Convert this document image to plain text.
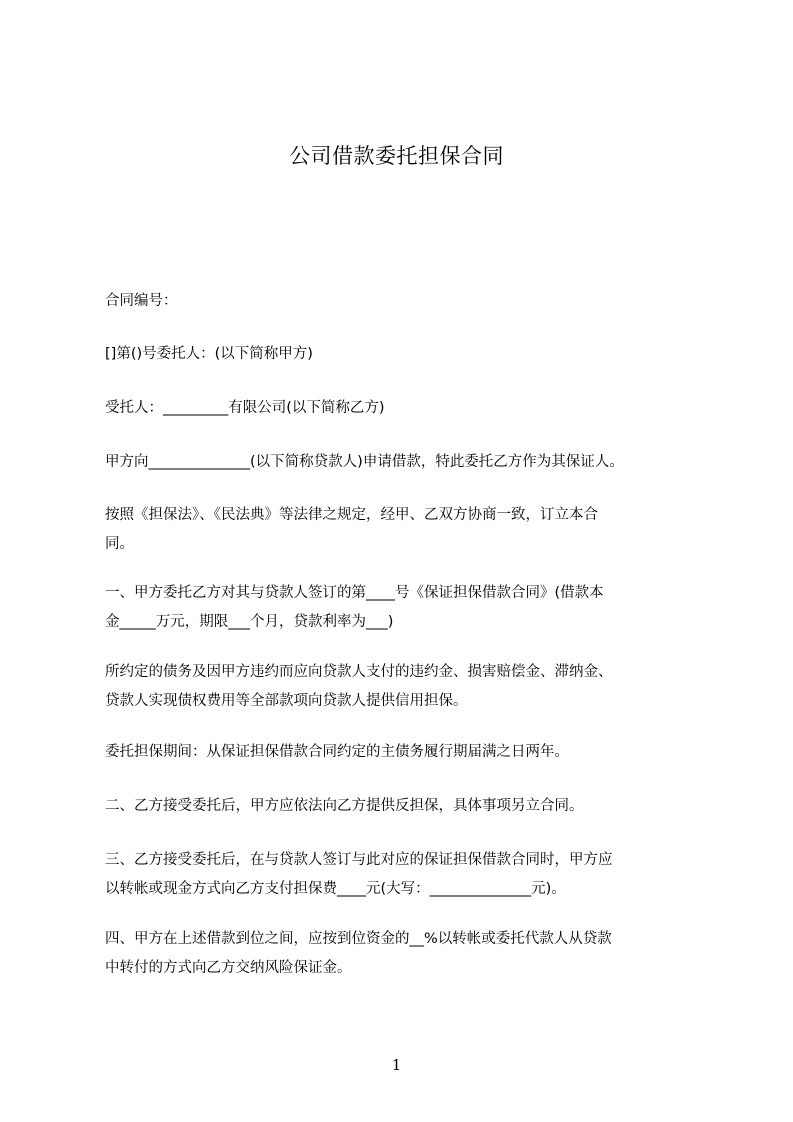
公司借款委托担保合同
合同编号：
[]第()号委托人：(以下简称甲方)
受托人：_________有限公司(以下简称乙方)
甲方向______________(以下简称贷款人)申请借款，特此委托乙方作为其保证人。
按照《担保法》、《民法典》等法律之规定，经甲、乙双方协商一致，订立本合
同。
一、甲方委托乙方对其与贷款人签订的第____号《保证担保借款合同》(借款本
金_____万元，期限___个月，贷款利率为___)
所约定的债务及因甲方违约而应向贷款人支付的违约金、损害赔偿金、滞纳金、
贷款人实现债权费用等全部款项向贷款人提供信用担保。
委托担保期间：从保证担保借款合同约定的主债务履行期届满之日两年。
二、乙方接受委托后，甲方应依法向乙方提供反担保，具体事项另立合同。
三、乙方接受委托后，在与贷款人签订与此对应的保证担保借款合同时，甲方应
以转帐或现金方式向乙方支付担保费____元(大写：______________元)。
四、甲方在上述借款到位之间，应按到位资金的__%以转帐或委托代款人从贷款
中转付的方式向乙方交纳风险保证金。
1
